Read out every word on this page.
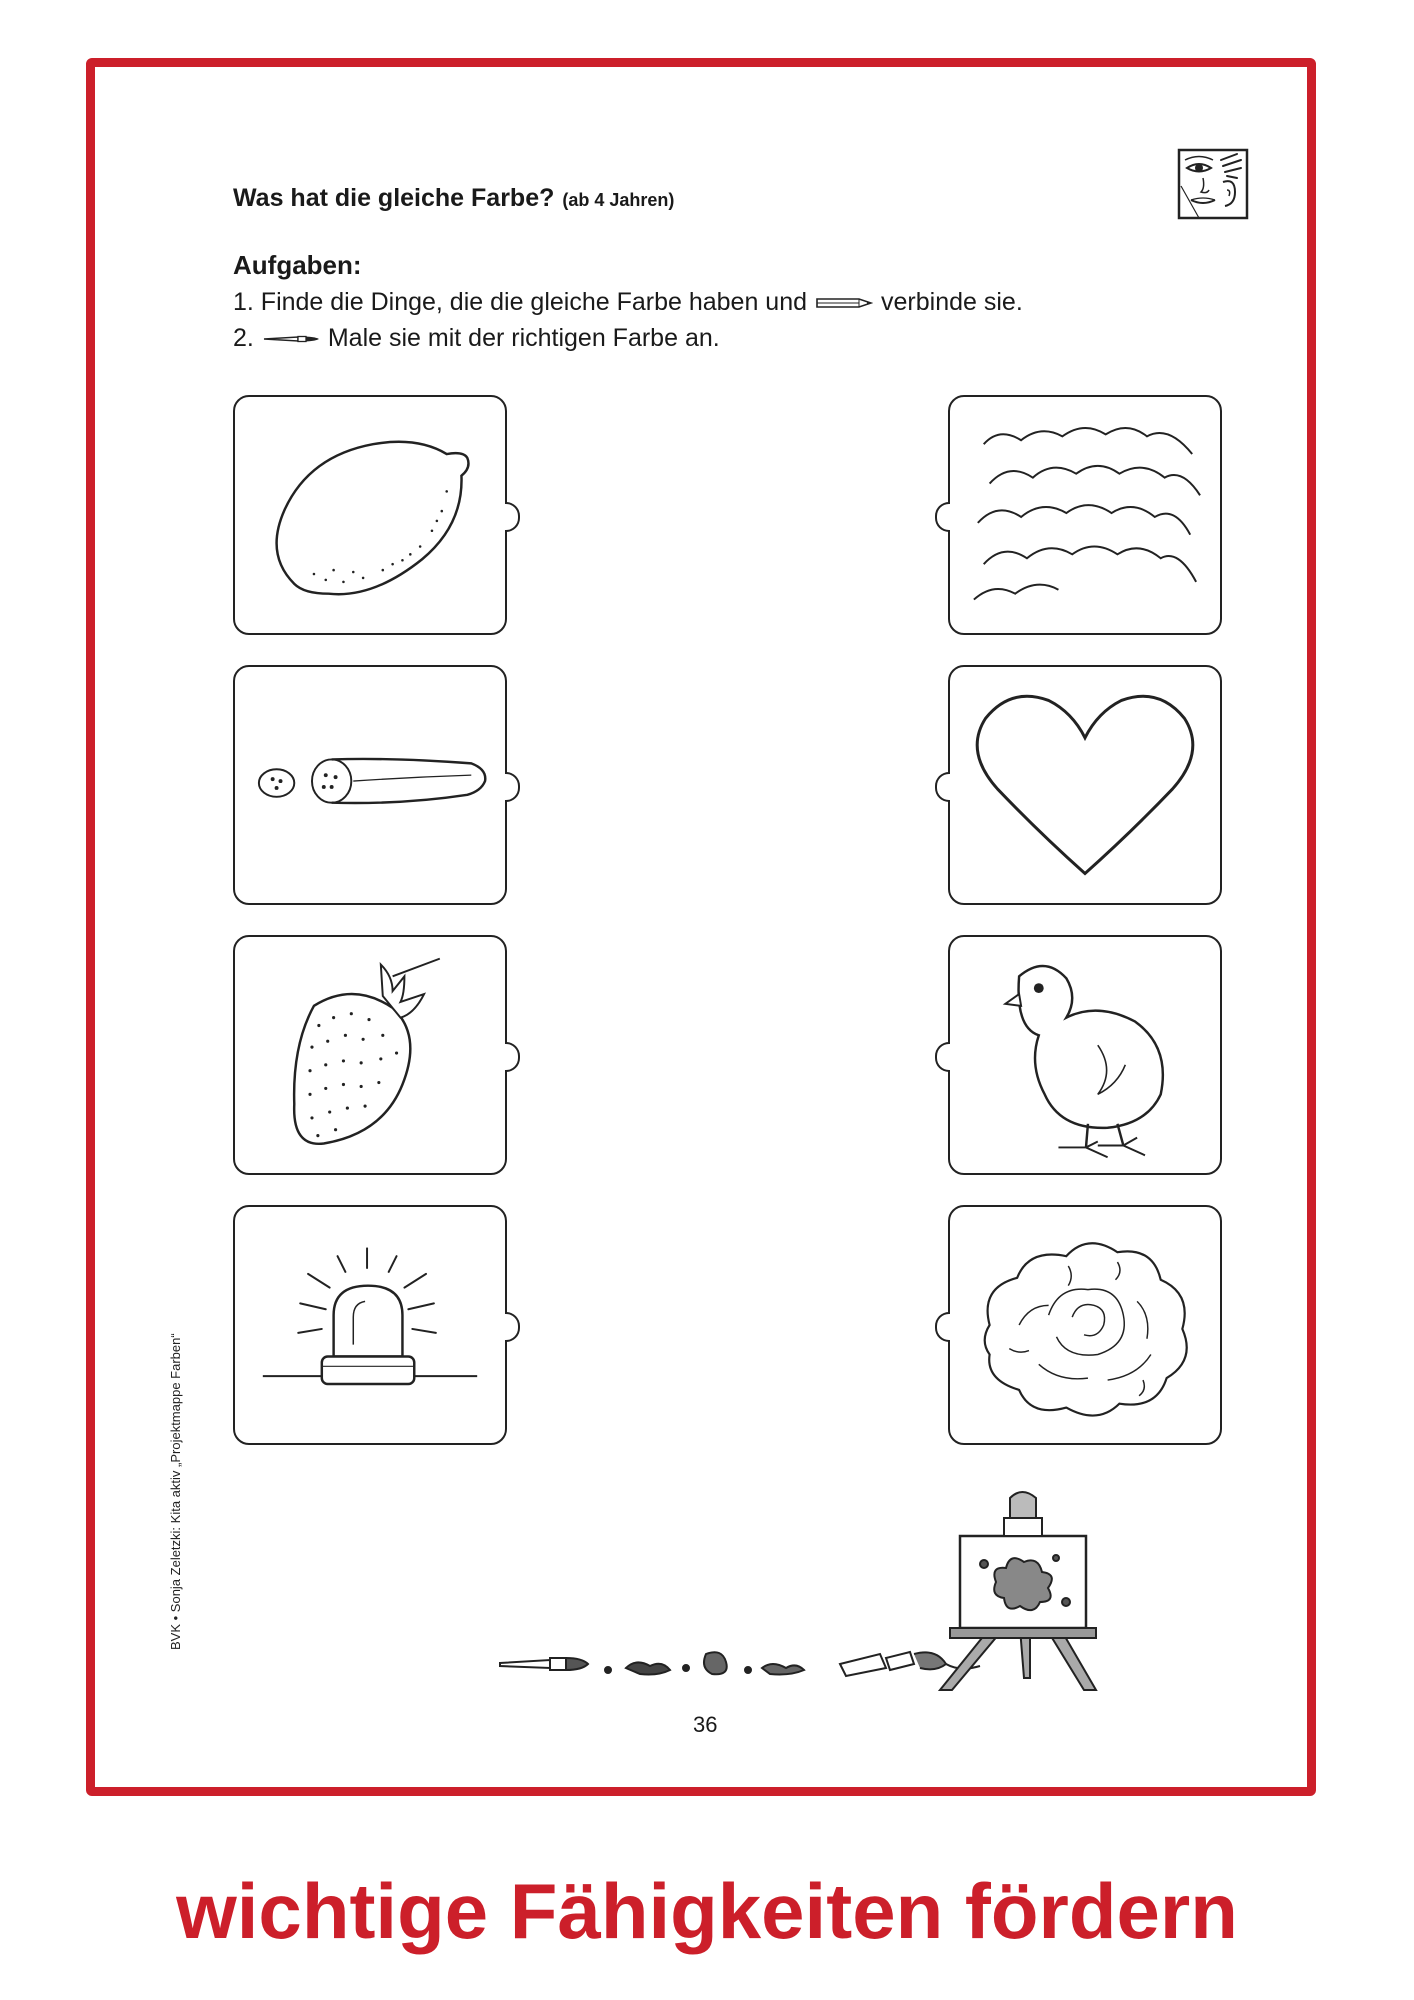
Was hat die gleiche Farbe? (ab 4 Jahren)
Aufgaben:
1. Finde die Dinge, die die gleiche Farbe haben und	verbinde sie.
2.	Male sie mit der richtigen Farbe an.
BVK • Sonja Zeletzki: Kita aktiv „Projektmappe Farben“
36
wichtige Fähigkeiten fördern
